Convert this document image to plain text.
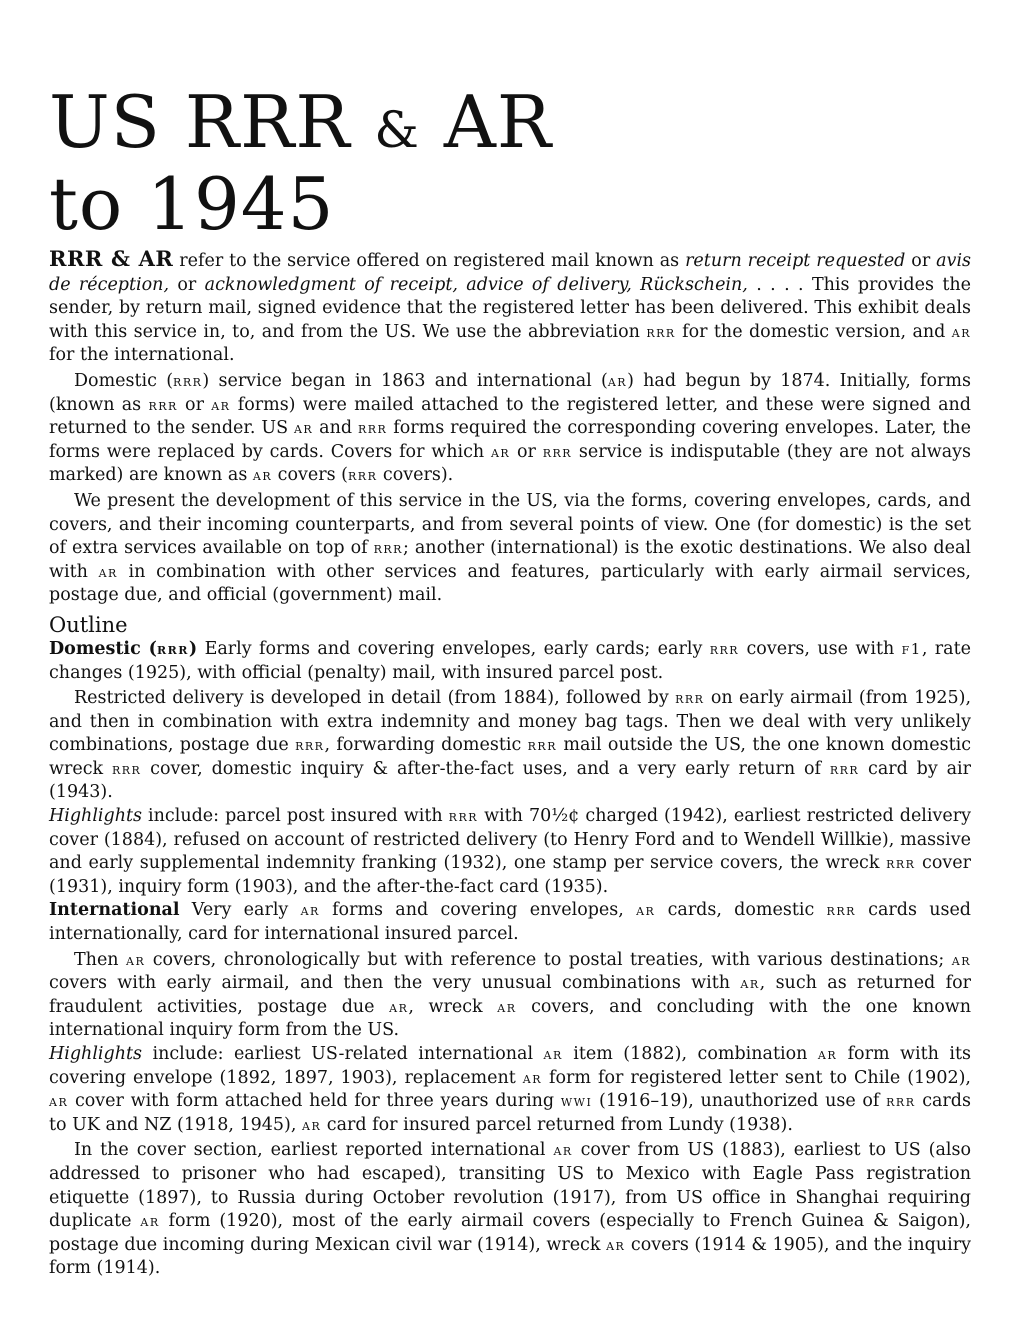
US RRR & AR
to 1945

RRR & AR refer to the service offered on registered mail known as return receipt requested or avis de réception, or acknowledgment of receipt, advice of delivery, Rückschein, . . . . This provides the sender, by return mail, signed evidence that the registered letter has been delivered. This exhibit deals with this service in, to, and from the US. We use the abbreviation rrr for the domestic version, and ar for the international.

Domestic (rrr) service began in 1863 and international (ar) had begun by 1874. Initially, forms (known as rrr or ar forms) were mailed attached to the registered letter, and these were signed and returned to the sender. US ar and rrr forms required the corresponding covering envelopes. Later, the forms were replaced by cards. Covers for which ar or rrr service is indisputable (they are not always marked) are known as ar covers (rrr covers).

We present the development of this service in the US, via the forms, covering envelopes, cards, and covers, and their incoming counterparts, and from several points of view. One (for domestic) is the set of extra services available on top of rrr; another (international) is the exotic destinations. We also deal with ar in combination with other services and features, particularly with early airmail services, postage due, and official (government) mail.

Outline

Domestic (rrr) Early forms and covering envelopes, early cards; early rrr covers, use with f1, rate changes (1925), with official (penalty) mail, with insured parcel post.

Restricted delivery is developed in detail (from 1884), followed by rrr on early airmail (from 1925), and then in combination with extra indemnity and money bag tags. Then we deal with very unlikely combinations, postage due rrr, forwarding domestic rrr mail outside the US, the one known domestic wreck rrr cover, domestic inquiry & after-the-fact uses, and a very early return of rrr card by air (1943).

Highlights include: parcel post insured with rrr with 70½¢ charged (1942), earliest restricted delivery cover (1884), refused on account of restricted delivery (to Henry Ford and to Wendell Willkie), massive and early supplemental indemnity franking (1932), one stamp per service covers, the wreck rrr cover (1931), inquiry form (1903), and the after-the-fact card (1935).

International Very early ar forms and covering envelopes, ar cards, domestic rrr cards used internationally, card for international insured parcel.

Then ar covers, chronologically but with reference to postal treaties, with various destinations; ar covers with early airmail, and then the very unusual combinations with ar, such as returned for fraudulent activities, postage due ar, wreck ar covers, and concluding with the one known international inquiry form from the US.

Highlights include: earliest US-related international ar item (1882), combination ar form with its covering envelope (1892, 1897, 1903), replacement ar form for registered letter sent to Chile (1902), ar cover with form attached held for three years during wwi (1916–19), unauthorized use of rrr cards to UK and NZ (1918, 1945), ar card for insured parcel returned from Lundy (1938).

In the cover section, earliest reported international ar cover from US (1883), earliest to US (also addressed to prisoner who had escaped), transiting US to Mexico with Eagle Pass registration etiquette (1897), to Russia during October revolution (1917), from US office in Shanghai requiring duplicate ar form (1920), most of the early airmail covers (especially to French Guinea & Saigon), postage due incoming during Mexican civil war (1914), wreck ar covers (1914 & 1905), and the inquiry form (1914).
